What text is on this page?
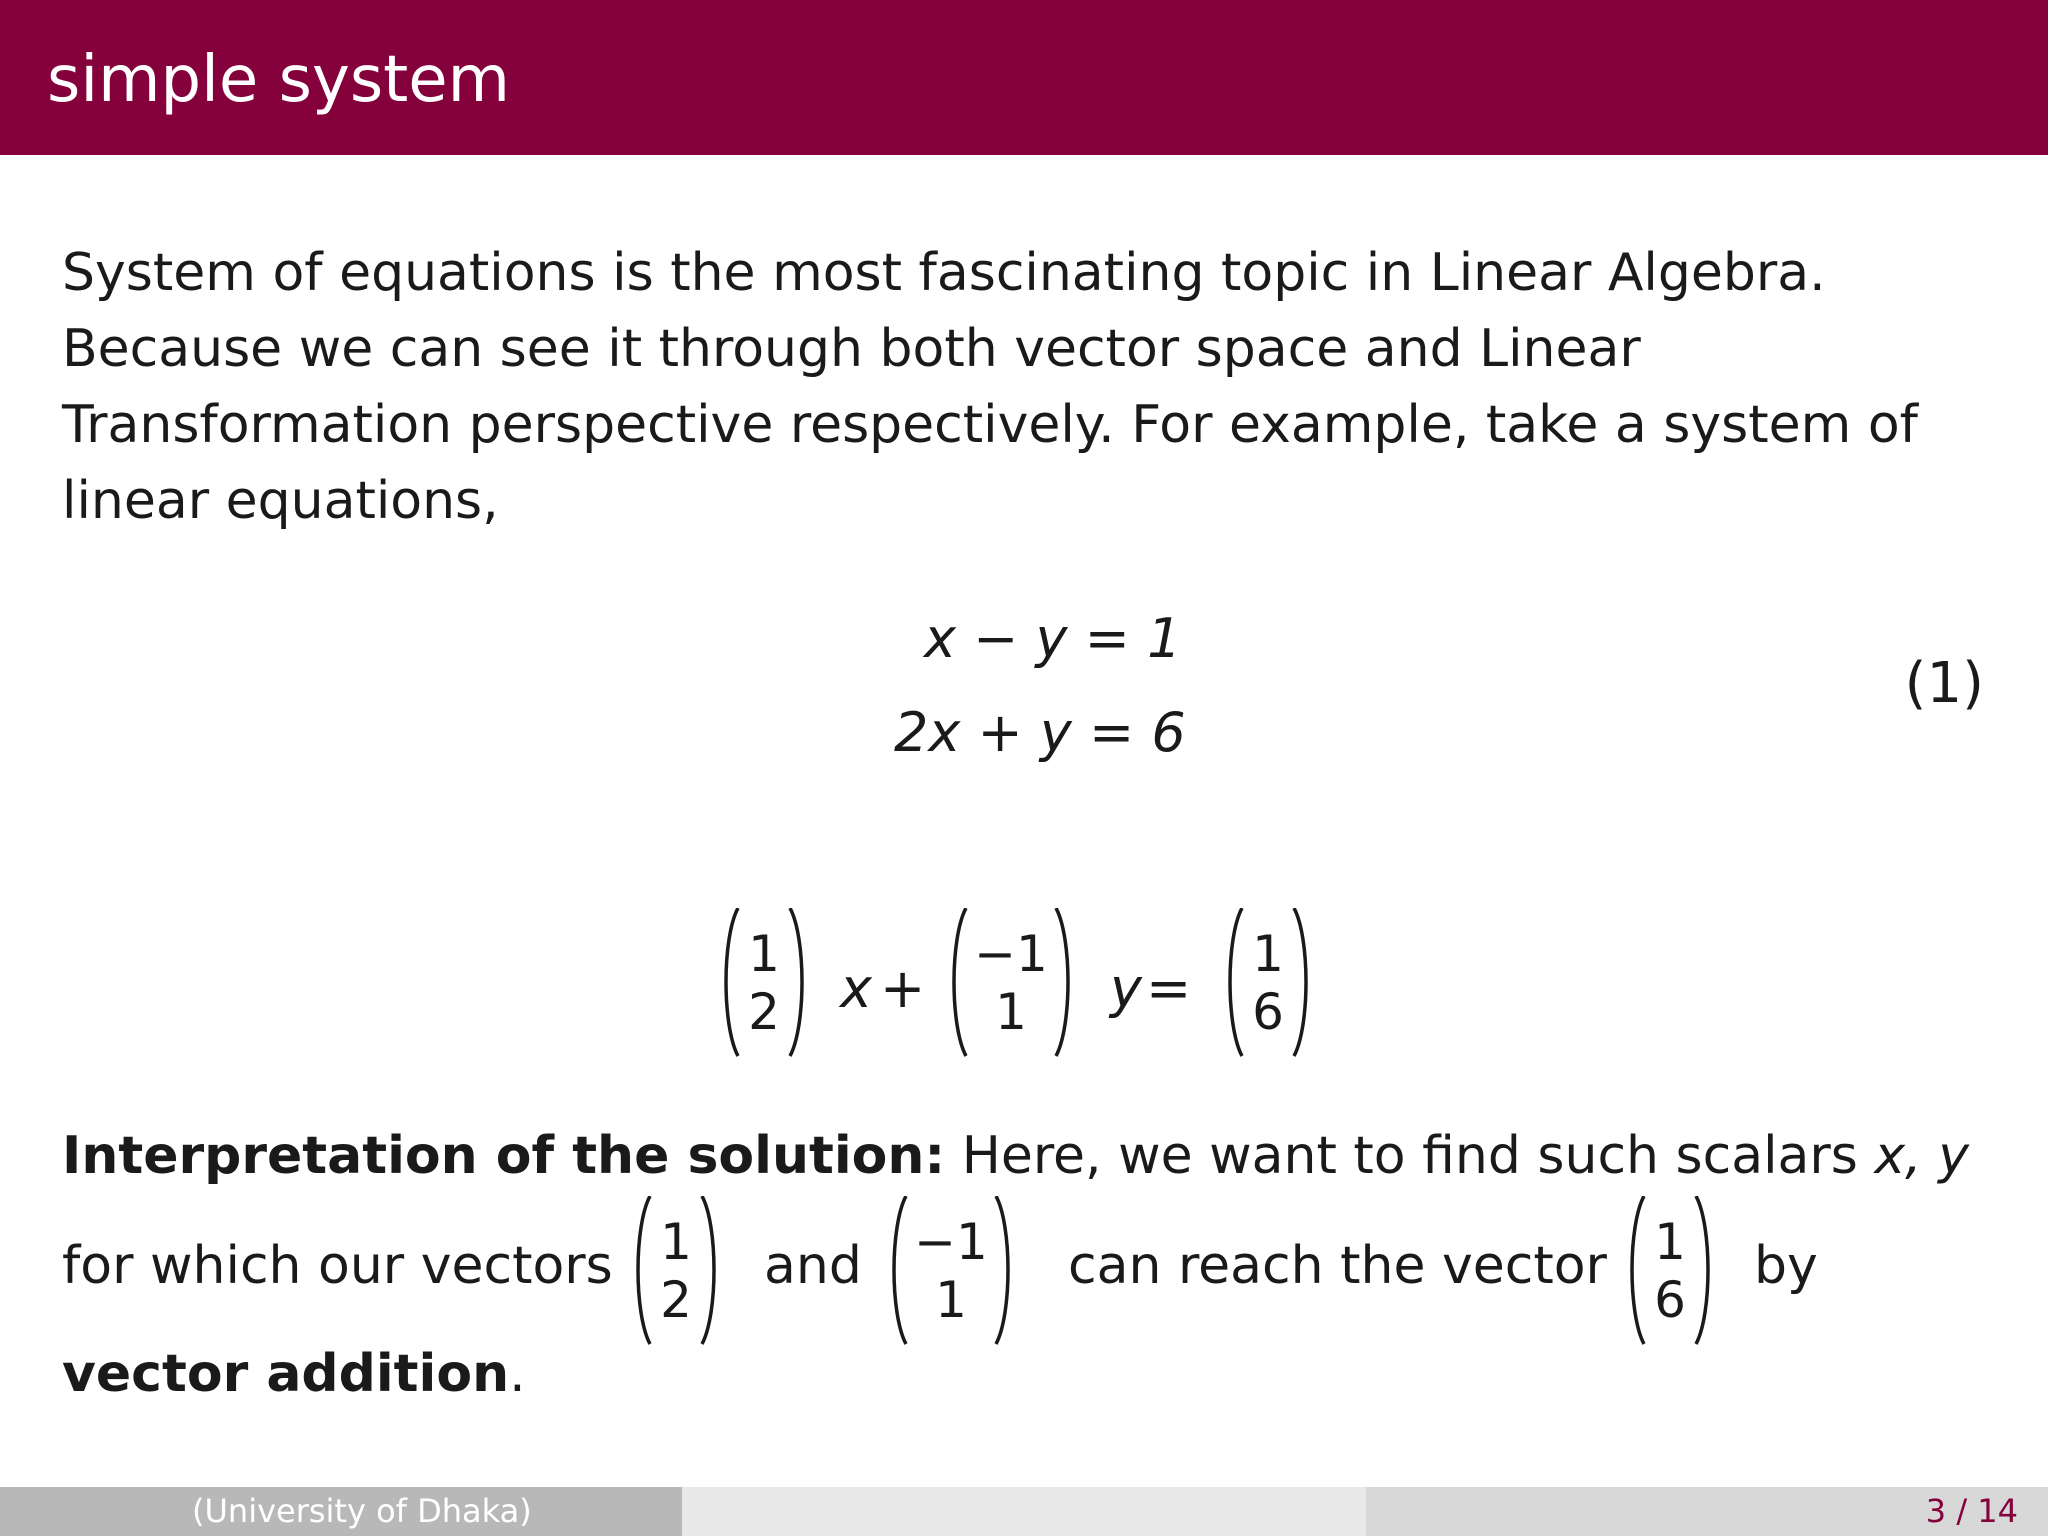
simple system

System of equations is the most fascinating topic in Linear Algebra. Because we can see it through both vector space and Linear Transformation perspective respectively. For example, take a system of linear equations,

x − y = 1
2x + y = 6
(1)
1
2 x +
−1
1 y =
1
6
Interpretation of the solution: Here, we want to find such scalars x, y
for which our vectors 1
2
and −1
1
can reach the vector 1
6
by
vector addition.
(University of Dhaka)	3 / 14
